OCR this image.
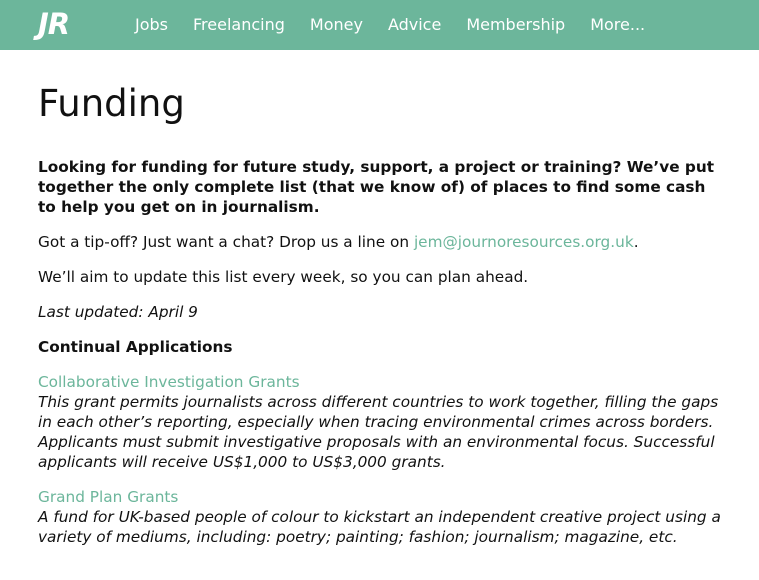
JR	Jobs Freelancing Money Advice Membership More...
Funding

Looking for funding for future study, support, a project or training? We’ve put together the only complete list (that we know of) of places to find some cash to help you get on in journalism.

Got a tip-off? Just want a chat? Drop us a line on jem@journoresources.org.uk.

We’ll aim to update this list every week, so you can plan ahead.

Last updated: April 9

Continual Applications

Collaborative Investigation Grants
This grant permits journalists across different countries to work together, filling the gaps in each other’s reporting, especially when tracing environmental crimes across borders. Applicants must submit investigative proposals with an environmental focus. Successful applicants will receive US$1,000 to US$3,000 grants.
Grand Plan Grants
A fund for UK-based people of colour to kickstart an independent creative project using a variety of mediums, including: poetry; painting; fashion; journalism; magazine, etc.
